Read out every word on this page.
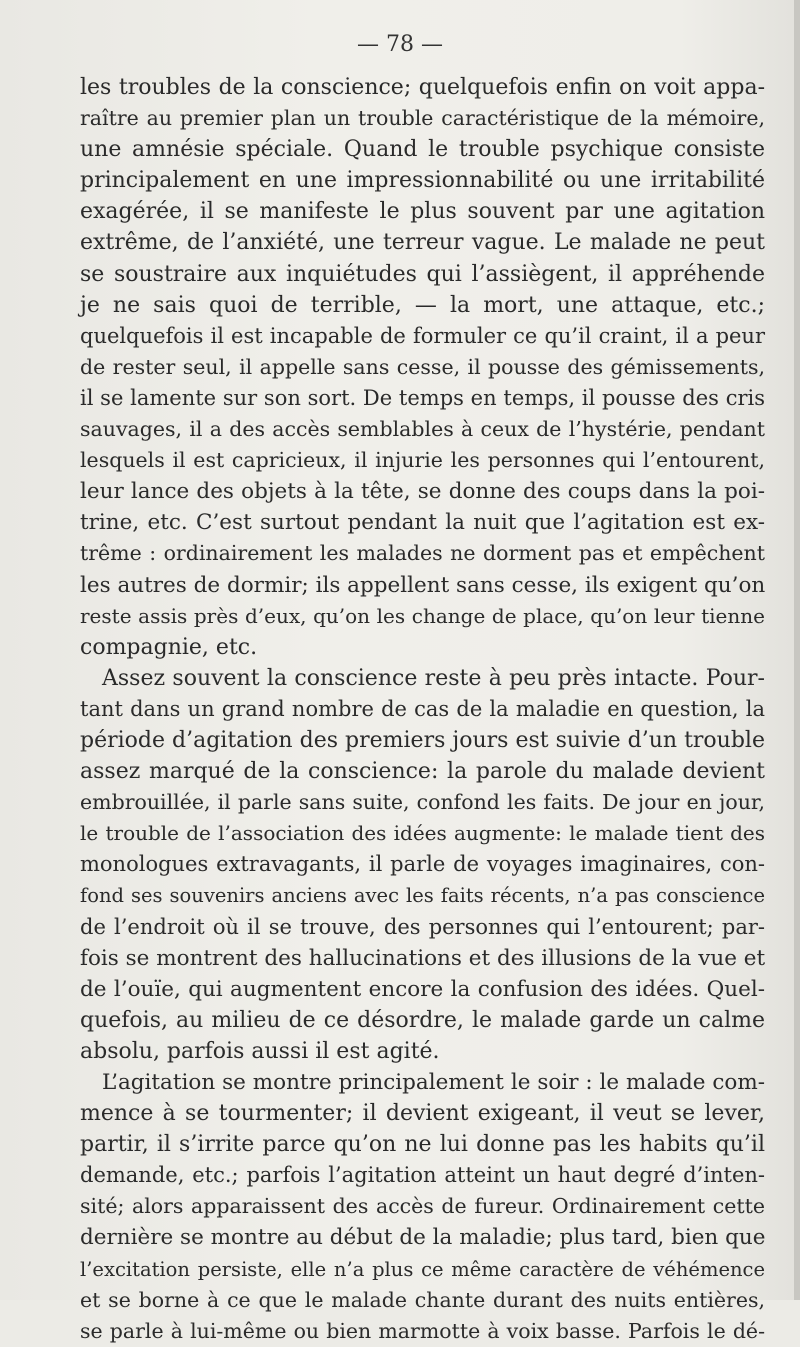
— 78 —
les troubles de la conscience; quelquefois enfin on voit appa-
raître au premier plan un trouble caractéristique de la mémoire,
une amnésie spéciale. Quand le trouble psychique consiste
principalement en une impressionnabilité ou une irritabilité
exagérée, il se manifeste le plus souvent par une agitation
extrême, de l’anxiété, une terreur vague. Le malade ne peut
se soustraire aux inquiétudes qui l’assiègent, il appréhende
je ne sais quoi de terrible, — la mort, une attaque, etc.;
quelquefois il est incapable de formuler ce qu’il craint, il a peur
de rester seul, il appelle sans cesse, il pousse des gémissements,
il se lamente sur son sort. De temps en temps, il pousse des cris
sauvages, il a des accès semblables à ceux de l’hystérie, pendant
lesquels il est capricieux, il injurie les personnes qui l’entourent,
leur lance des objets à la tête, se donne des coups dans la poi-
trine, etc. C’est surtout pendant la nuit que l’agitation est ex-
trême : ordinairement les malades ne dorment pas et empêchent
les autres de dormir; ils appellent sans cesse, ils exigent qu’on
reste assis près d’eux, qu’on les change de place, qu’on leur tienne
compagnie, etc.
Assez souvent la conscience reste à peu près intacte. Pour-
tant dans un grand nombre de cas de la maladie en question, la
période d’agitation des premiers jours est suivie d’un trouble
assez marqué de la conscience: la parole du malade devient
embrouillée, il parle sans suite, confond les faits. De jour en jour,
le trouble de l’association des idées augmente: le malade tient des
monologues extravagants, il parle de voyages imaginaires, con-
fond ses souvenirs anciens avec les faits récents, n’a pas conscience
de l’endroit où il se trouve, des personnes qui l’entourent; par-
fois se montrent des hallucinations et des illusions de la vue et
de l’ouïe, qui augmentent encore la confusion des idées. Quel-
quefois, au milieu de ce désordre, le malade garde un calme
absolu, parfois aussi il est agité.
L’agitation se montre principalement le soir : le malade com-
mence à se tourmenter; il devient exigeant, il veut se lever,
partir, il s’irrite parce qu’on ne lui donne pas les habits qu’il
demande, etc.; parfois l’agitation atteint un haut degré d’inten-
sité; alors apparaissent des accès de fureur. Ordinairement cette
dernière se montre au début de la maladie; plus tard, bien que
l’excitation persiste, elle n’a plus ce même caractère de véhémence
et se borne à ce que le malade chante durant des nuits entières,
se parle à lui-même ou bien marmotte à voix basse. Parfois le dé-
